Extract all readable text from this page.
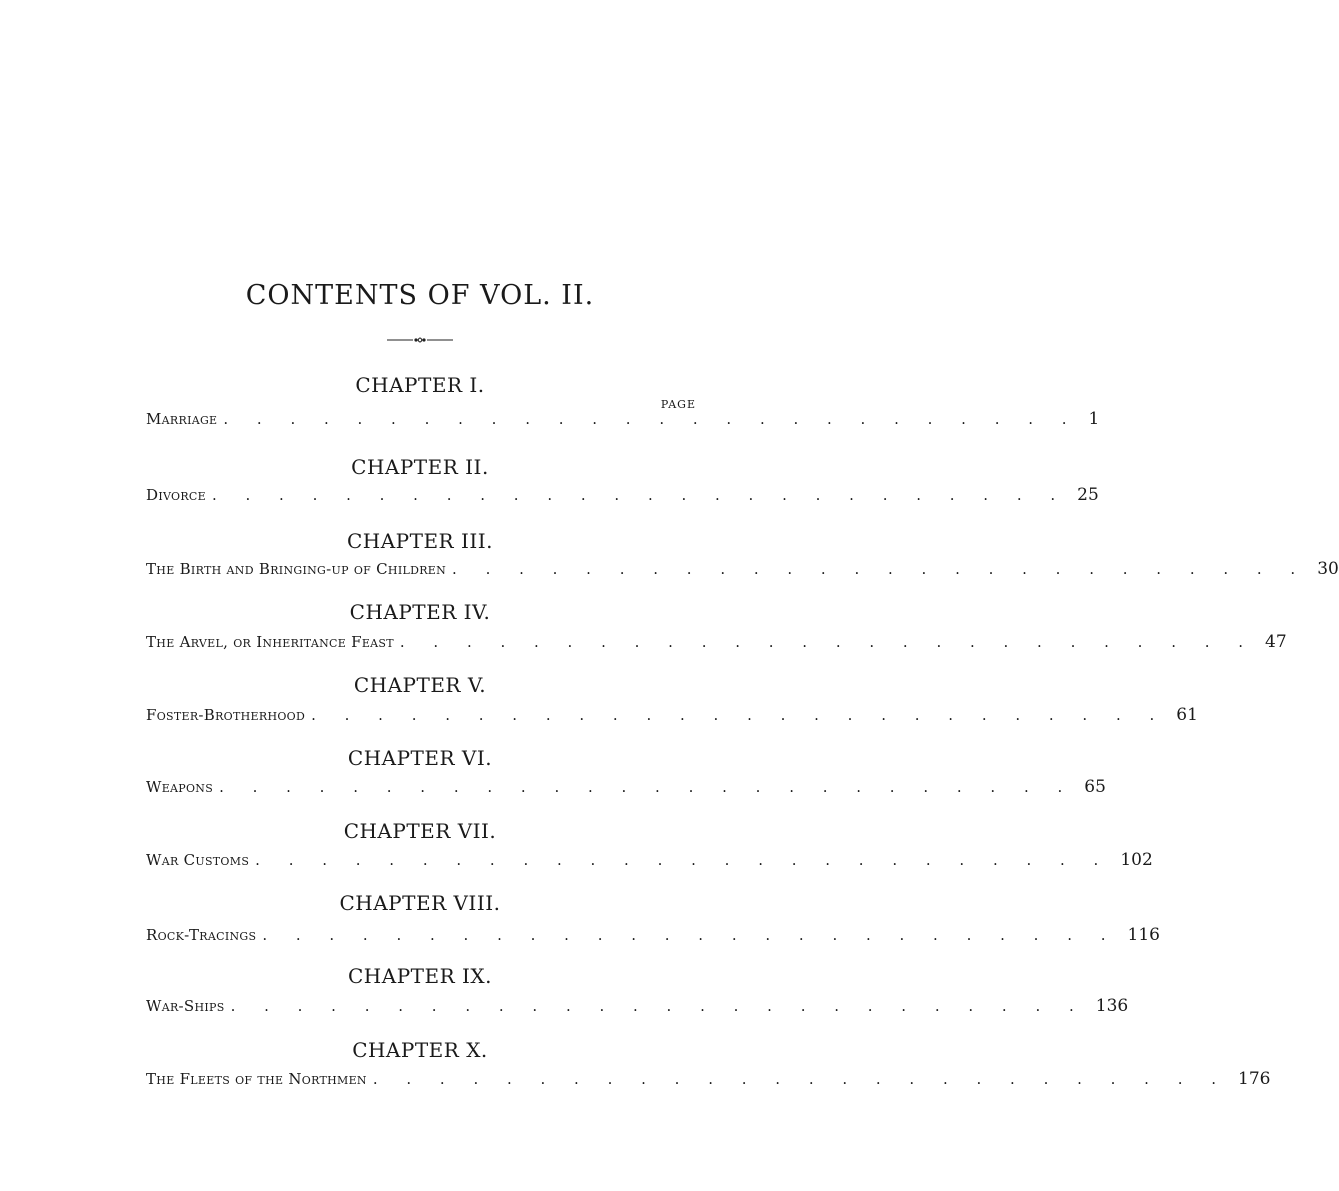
CONTENTS OF VOL. II.
PAGE
CHAPTER I.
Marriage . . . . . . . . . . . . . . . . . . . . . . . . . . 1
CHAPTER II.
Divorce . . . . . . . . . . . . . . . . . . . . . . . . . . 25
CHAPTER III.
The Birth and Bringing-up of Children . . . . . . . . . . . . . . . . . . . . . . . . . . 30
CHAPTER IV.
The Arvel, or Inheritance Feast . . . . . . . . . . . . . . . . . . . . . . . . . . 47
CHAPTER V.
Foster-Brotherhood . . . . . . . . . . . . . . . . . . . . . . . . . . 61
CHAPTER VI.
Weapons . . . . . . . . . . . . . . . . . . . . . . . . . . 65
CHAPTER VII.
War Customs . . . . . . . . . . . . . . . . . . . . . . . . . . 102
CHAPTER VIII.
Rock-Tracings . . . . . . . . . . . . . . . . . . . . . . . . . . 116
CHAPTER IX.
War-Ships . . . . . . . . . . . . . . . . . . . . . . . . . . 136
CHAPTER X.
The Fleets of the Northmen . . . . . . . . . . . . . . . . . . . . . . . . . . 176
